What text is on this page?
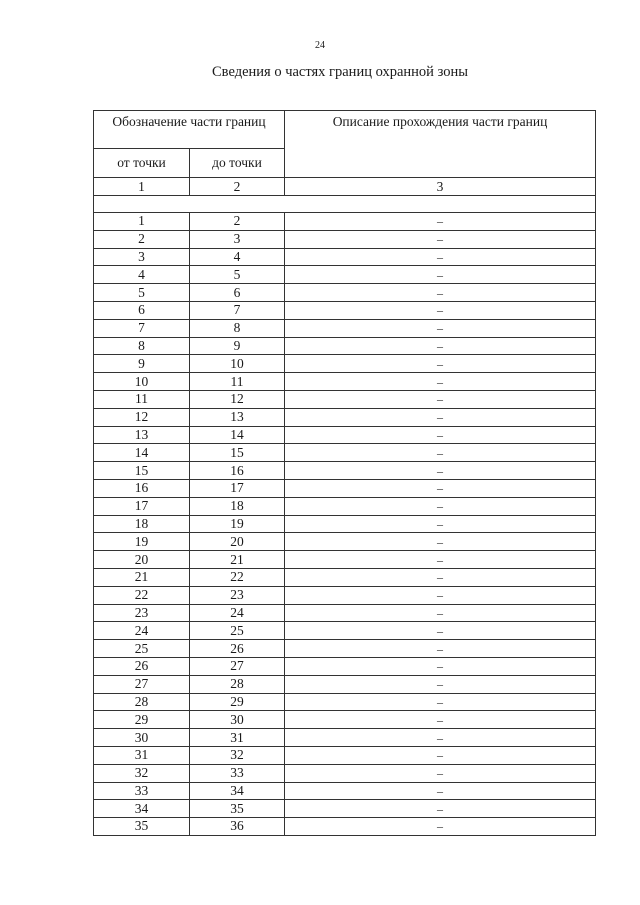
24
Сведения о частях границ охранной зоны
Обозначение части границ		Описание прохождения части границ
от точки	до точки	
1	2	3

1	2	–
2	3	–
3	4	–
4	5	–
5	6	–
6	7	–
7	8	–
8	9	–
9	10	–
10	11	–
11	12	–
12	13	–
13	14	–
14	15	–
15	16	–
16	17	–
17	18	–
18	19	–
19	20	–
20	21	–
21	22	–
22	23	–
23	24	–
24	25	–
25	26	–
26	27	–
27	28	–
28	29	–
29	30	–
30	31	–
31	32	–
32	33	–
33	34	–
34	35	–
35	36	–
